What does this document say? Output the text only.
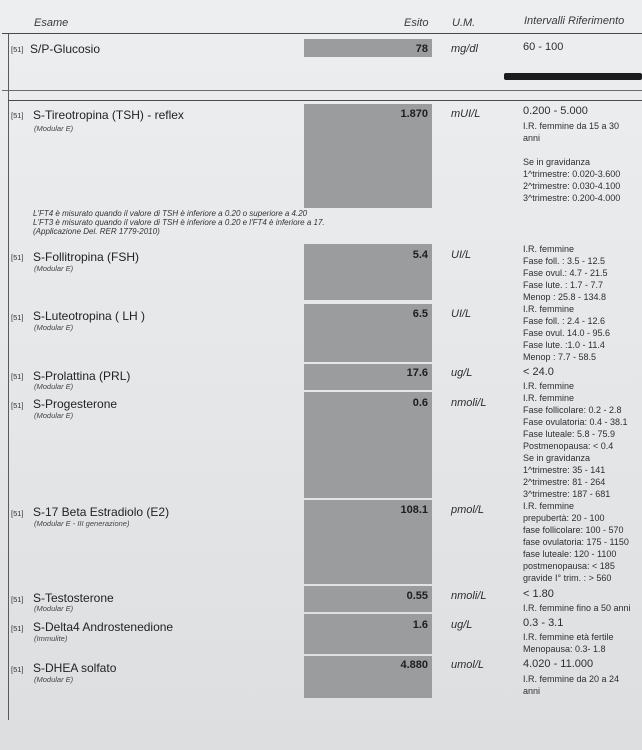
Esame	Esito U.M.	Intervalli Riferimento
[51] S/P-Glucosio	78 mg/dl	60 - 100
[51] S-Tireotropina (TSH) - reflex
(Modular E)
1.870 mUI/L	0.200 - 5.000
I.R. femmine da 15 a 30
anni
Se in gravidanza
1^trimestre: 0.020-3.600
2^trimestre: 0.030-4.100
3^trimestre: 0.200-4.000
L'FT4 è misurato quando il valore di TSH è inferiore a 0.20 o superiore a 4.20
L'FT3 è misurato quando il valore di TSH è inferiore a 0.20 e l'FT4 è inferiore a 17.
(Applicazione Del. RER 1779-2010)
[51] S-Follitropina (FSH)
(Modular E)
5.4 UI/L	I.R. femmine
Fase foll. : 3.5 - 12.5
Fase ovul.: 4.7 - 21.5
Fase lute. : 1.7 - 7.7
Menop : 25.8 - 134.8
[51] S-Luteotropina ( LH )
(Modular E)
6.5 UI/L	I.R. femmine
Fase foll. : 2.4 - 12.6
Fase ovul. 14.0 - 95.6
Fase lute. :1.0 - 11.4
Menop : 7.7 - 58.5
[51] S-Prolattina (PRL)
(Modular E)
17.6 ug/L	< 24.0
I.R. femmine
[51] S-Progesterone
(Modular E)
0.6 nmoli/L	I.R. femmine
Fase follicolare: 0.2 - 2.8
Fase ovulatoria: 0.4 - 38.1
Fase luteale: 5.8 - 75.9
Postmenopausa: < 0.4
Se in gravidanza
1^trimestre: 35 - 141
2^trimestre: 81 - 264
3^trimestre: 187 - 681
[51] S-17 Beta Estradiolo (E2)
(Modular E - III generazione)
108.1 pmol/L	I.R. femmine
prepubertà: 20 - 100
fase follicolare: 100 - 570
fase ovulatoria: 175 - 1150
fase luteale: 120 - 1100
postmenopausa: < 185
gravide I° trim. : > 560
[51] S-Testosterone
(Modular E)
0.55 nmoli/L	< 1.80
I.R. femmine fino a 50 anni
[51] S-Delta4 Androstenedione
(Immulite)
1.6 ug/L	0.3 - 3.1
I.R. femmine età fertile
Menopausa: 0.3- 1.8
[51] S-DHEA solfato
(Modular E)
4.880 umol/L	4.020 - 11.000
I.R. femmine da 20 a 24
anni
